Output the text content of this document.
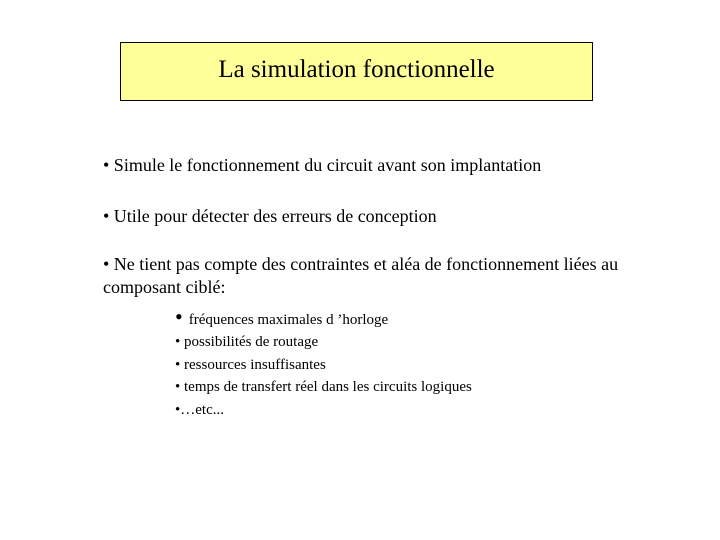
La simulation fonctionnelle
• Simule le fonctionnement du circuit avant son implantation
• Utile pour détecter des erreurs de conception
• Ne tient pas compte des contraintes et aléa de fonctionnement liées au composant ciblé:
• fréquences maximales d ’horloge
• possibilités de routage
• ressources insuffisantes
• temps de transfert réel dans les circuits logiques
•…etc...
